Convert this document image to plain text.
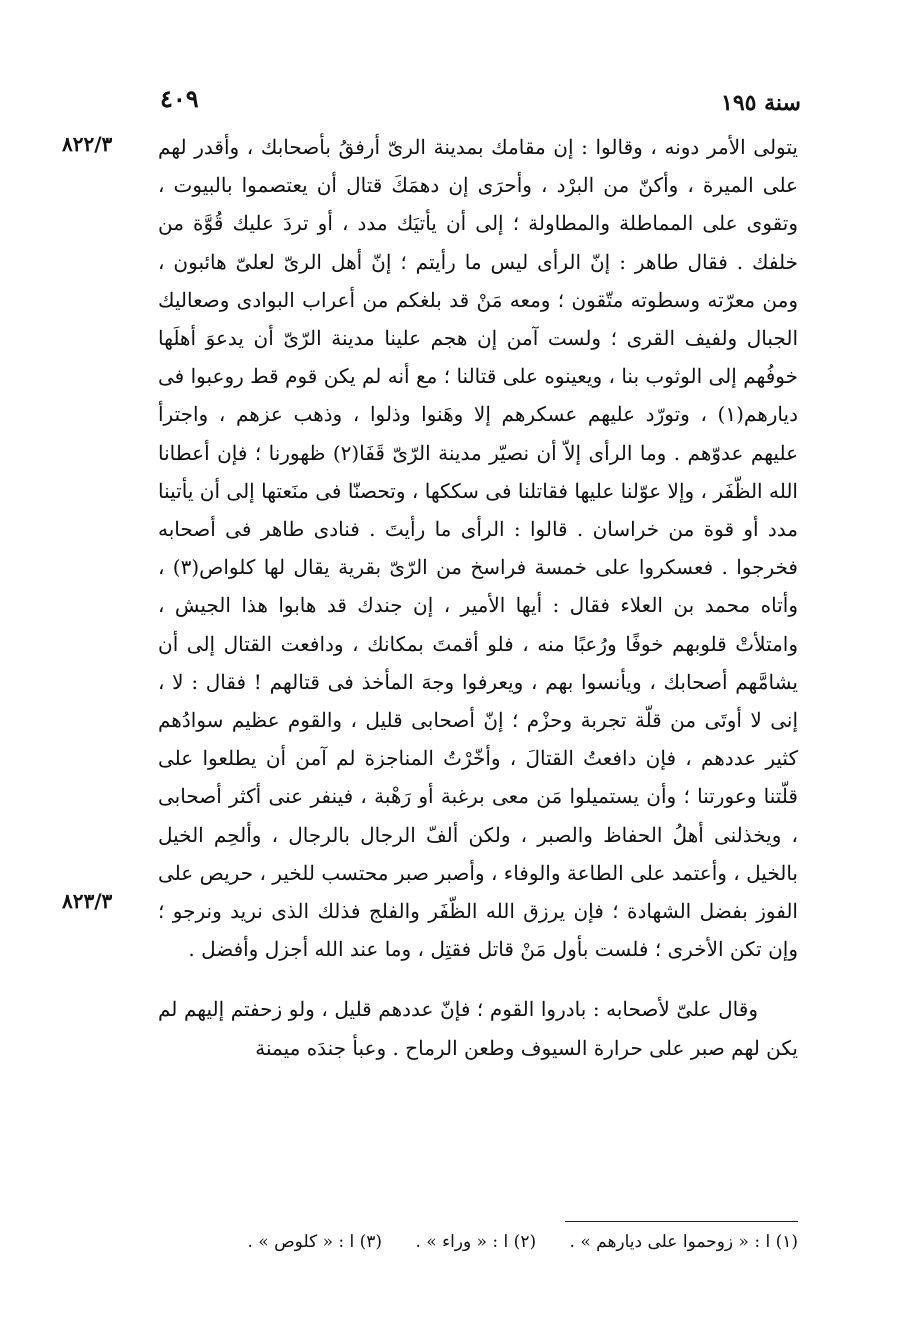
سنة ١٩٥
٤٠٩
٨٢٢/٣
٨٢٣/٣

يتولى الأمر دونه ، وقالوا : إن مقامك بمدينة الرىّ أرفقُ بأصحابك ، وأقدر لهم على الميرة ، وأكنّ من البرْد ، وأحرَى إن دهمَكَ قتال أن يعتصموا بالبيوت ، وتقوى على المماطلة والمطاولة ؛ إلى أن يأتيَك مدد ، أو تردَ عليك قُوَّة من خلفك . فقال طاهر : إنّ الرأى ليس ما رأيتم ؛ إنّ أهل الرىّ لعلىّ هائبون ، ومن معرّته وسطوته متّقون ؛ ومعه مَنْ قد بلغكم من أعراب البوادى وصعاليك الجبال ولفيف القرى ؛ ولست آمن إن هجم علينا مدينة الرّىّ أن يدعوَ أهلَها خوفُهم إلى الوثوب بنا ، ويعينوه على قتالنا ؛ مع أنه لم يكن قوم قط روعبوا فى ديارهم(١) ، وتورّد عليهم عسكرهم إلا وهَنوا وذلوا ، وذهب عزهم ، واجترأ عليهم عدوّهم . وما الرأى إلاّ أن نصيّر مدينة الرّىّ قَفَا(٢) ظهورنا ؛ فإن أعطانا الله الظّفَر ، وإلا عوّلنا عليها فقاتلنا فى سككها ، وتحصنّا فى منَعتها إلى أن يأتينا مدد أو قوة من خراسان . قالوا : الرأى ما رأيتَ . فنادى طاهر فى أصحابه فخرجوا . فعسكروا على خمسة فراسخ من الرّىّ بقرية يقال لها كلواص(٣) ، وأتاه محمد بن العلاء فقال : أيها الأمير ، إن جندك قد هابوا هذا الجيش ، وامتلأتْ قلوبهم خوفًا ورُعبًا منه ، فلو أقمتَ بمكانك ، ودافعت القتال إلى أن يشامَّهم أصحابك ، ويأنسوا بهم ، ويعرفوا وجهَ المأخذ فى قتالهم ! فقال : لا ، إنى لا أوتَى من قلّة تجربة وحزْم ؛ إنّ أصحابى قليل ، والقوم عظيم سوادُهم كثير عددهم ، فإن دافعتُ القتالَ ، وأخّرْتُ المناجزة لم آمن أن يطلعوا على قلّتنا وعورتنا ؛ وأن يستميلوا مَن معى برغبة أو رَهْبة ، فينفر عنى أكثر أصحابى ، ويخذلنى أهلُ الحفاظ والصبر ، ولكن ألفّ الرجال بالرجال ، وألحِم الخيل بالخيل ، وأعتمد على الطاعة والوفاء ، وأصبر صبر محتسب للخير ، حريص على الفوز بفضل الشهادة ؛ فإن يرزق الله الظّفَر والفلج فذلك الذى نريد ونرجو ؛ وإن تكن الأخرى ؛ فلست بأول مَنْ قاتل فقتِل ، وما عند الله أجزل وأفضل .

وقال علىّ لأصحابه : بادروا القوم ؛ فإنّ عددهم قليل ، ولو زحفتم إليهم لم يكن لهم صبر على حرارة السيوف وطعن الرماح . وعبأ جندَه ميمنة

(١) ا : « زوحموا على ديارهم » . (٢) ا : « وراء » . (٣) ا : « كلوص » .
